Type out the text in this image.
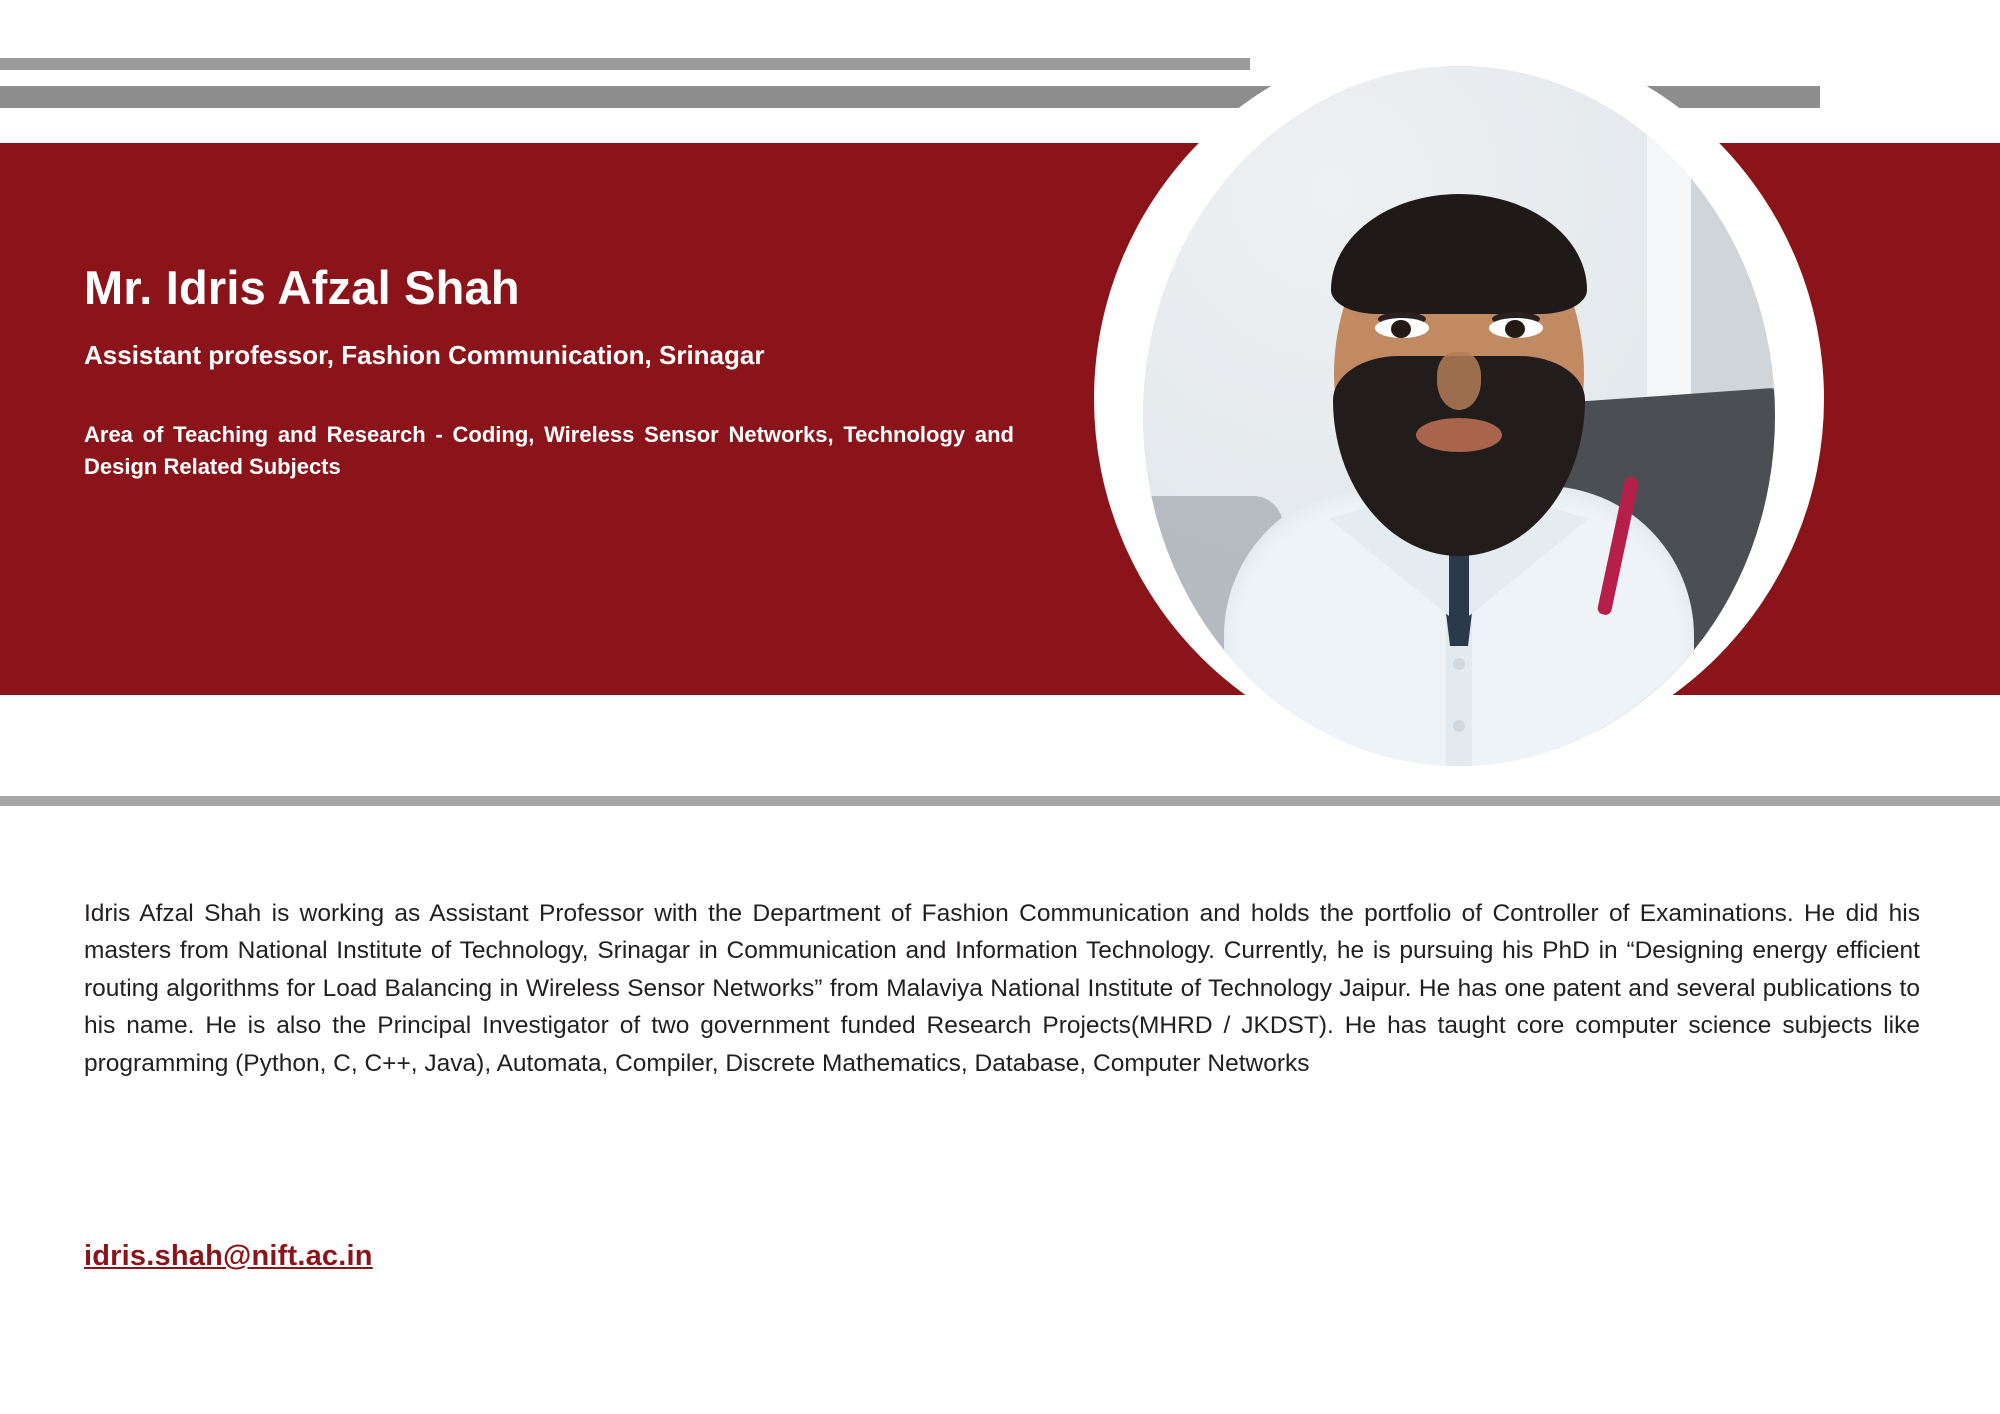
Mr. Idris Afzal Shah
Assistant professor, Fashion Communication, Srinagar
Area of Teaching and Research - Coding, Wireless Sensor Networks, Technology and Design Related Subjects
Idris Afzal Shah is working as Assistant Professor with the Department of Fashion Communication and holds the portfolio of Controller of Examinations. He did his masters from National Institute of Technology, Srinagar in Communication and Information Technology. Currently, he is pursuing his PhD in “Designing energy efficient routing algorithms for Load Balancing in Wireless Sensor Networks” from Malaviya National Institute of Technology Jaipur. He has one patent and several publications to his name. He is also the Principal Investigator of two government funded Research Projects(MHRD / JKDST). He has taught core computer science subjects like programming (Python, C, C++, Java), Automata, Compiler, Discrete Mathematics, Database, Computer Networks
idris.shah@nift.ac.in
